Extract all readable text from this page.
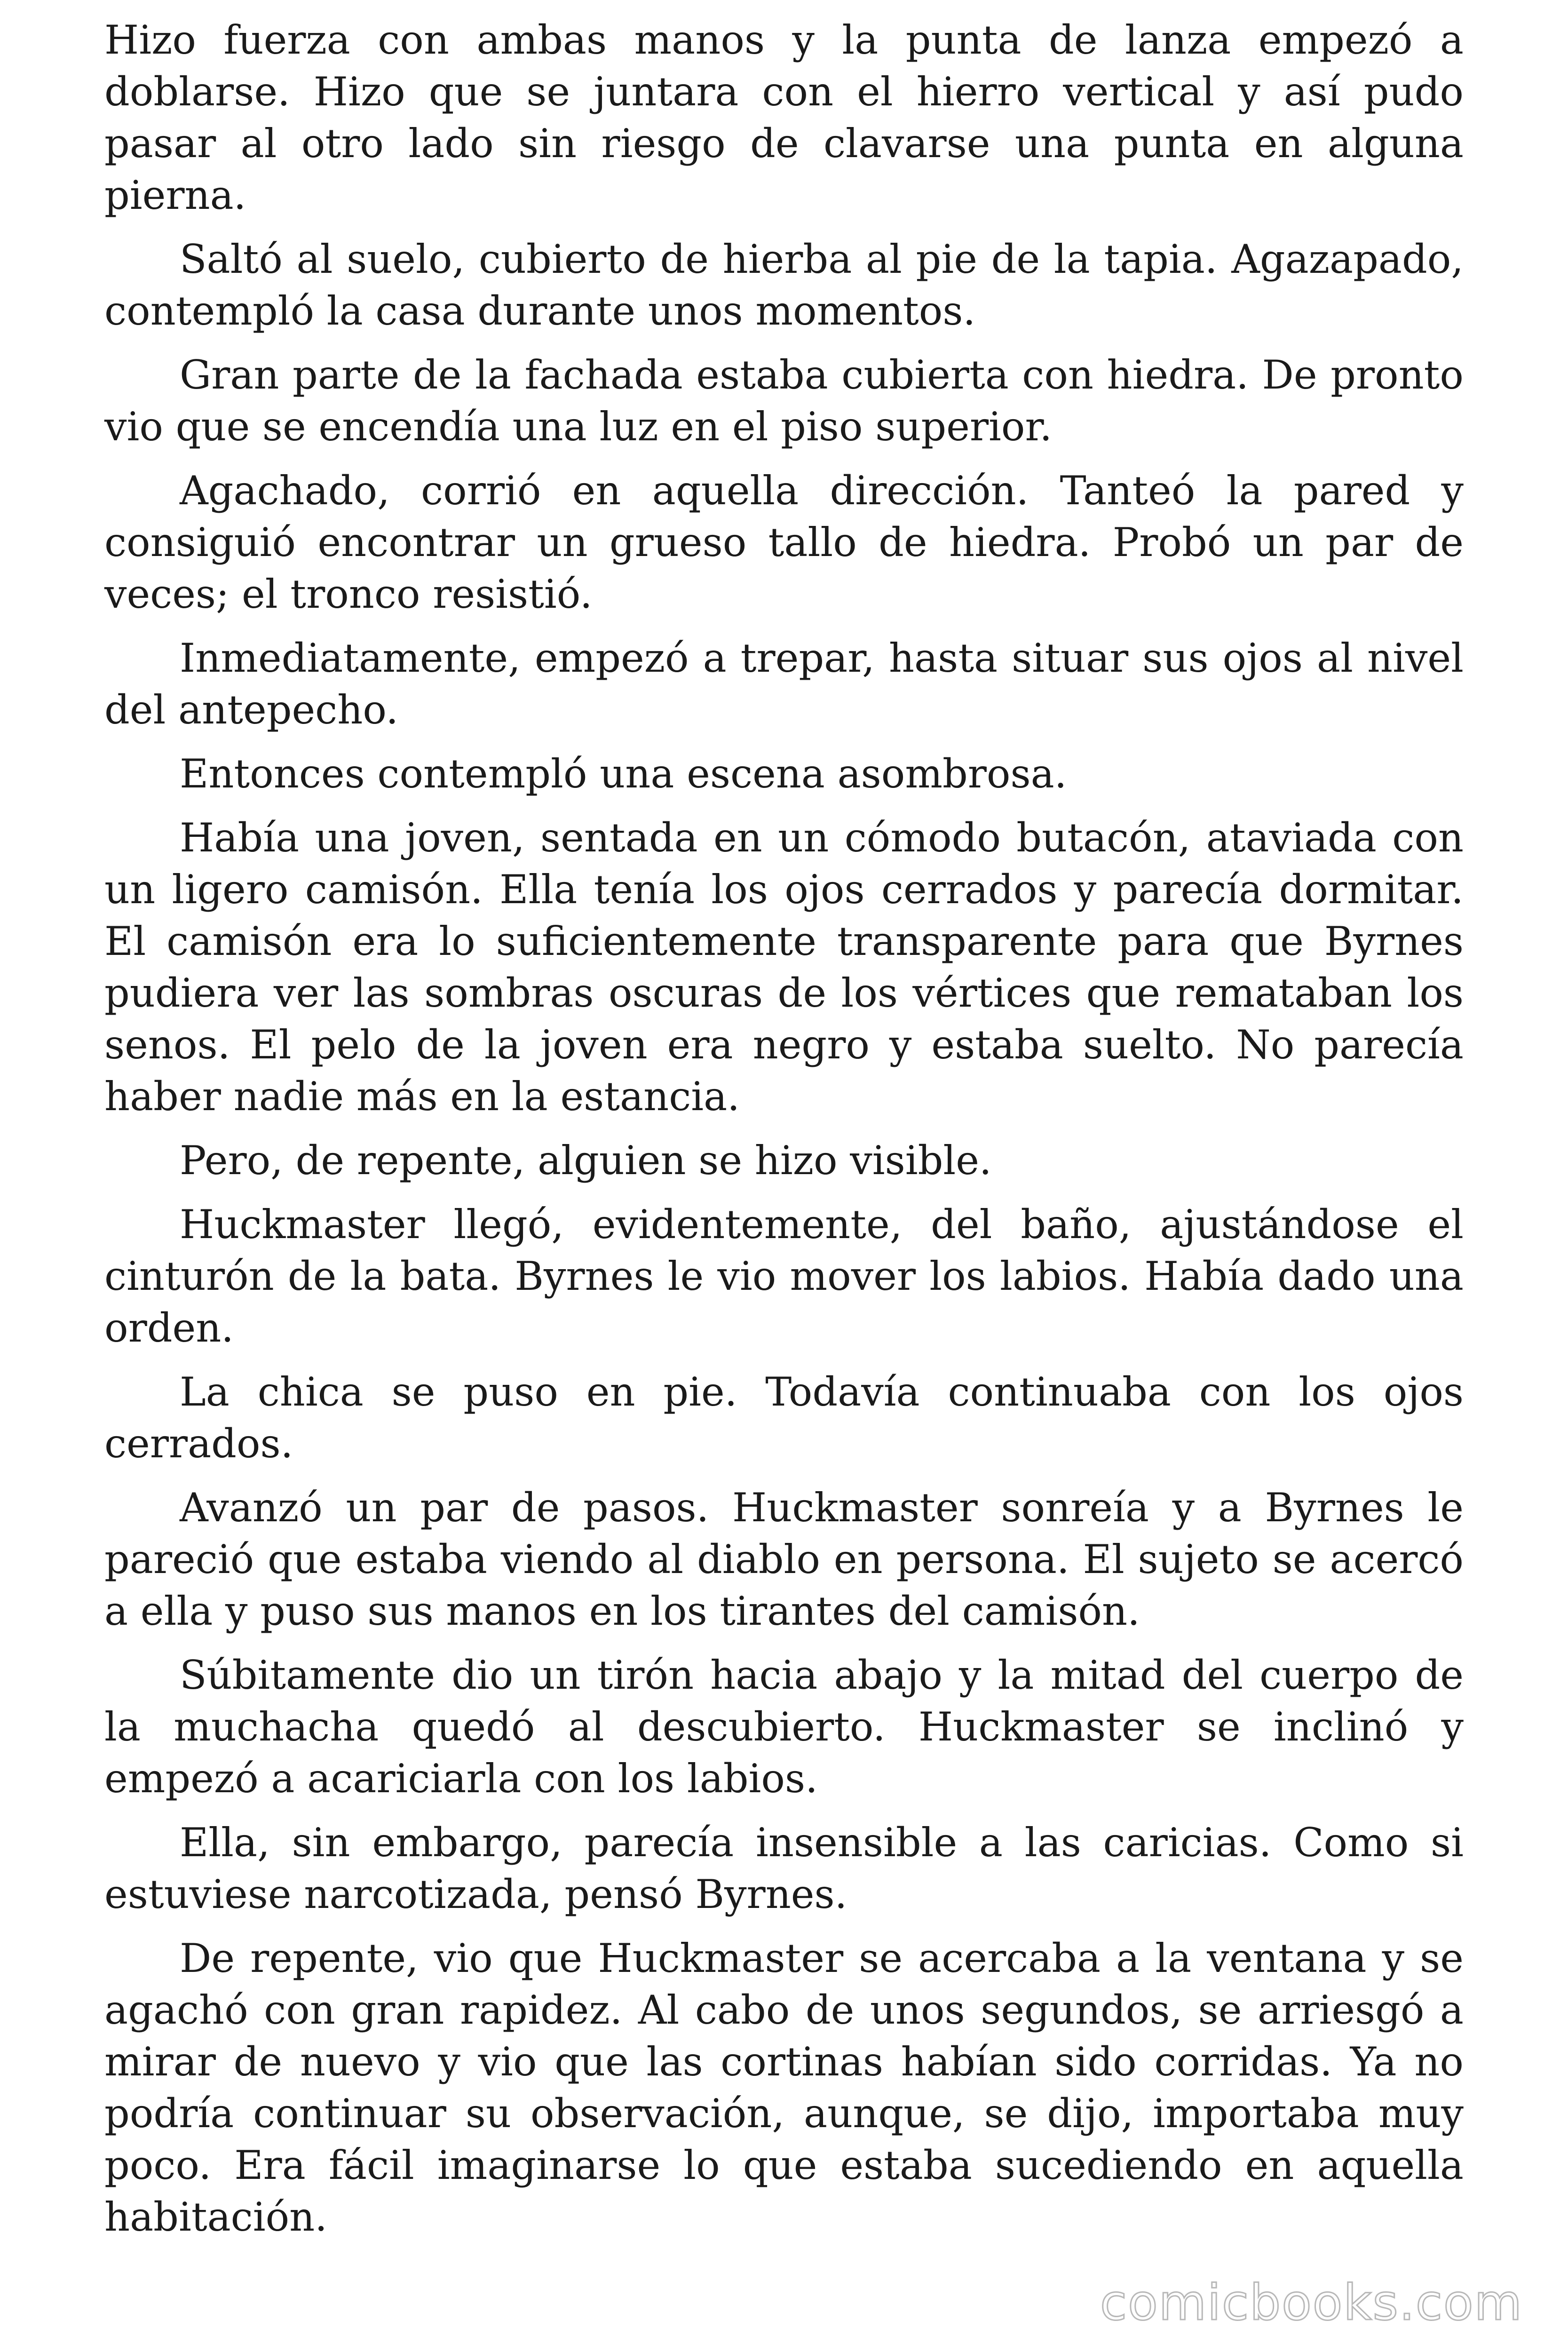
Hizo fuerza con ambas manos y la punta de lanza empezó a doblarse. Hizo que se juntara con el hierro vertical y así pudo pasar al otro lado sin riesgo de clavarse una punta en alguna pierna.

Saltó al suelo, cubierto de hierba al pie de la tapia. Agazapado, contempló la casa durante unos momentos.

Gran parte de la fachada estaba cubierta con hiedra. De pronto vio que se encendía una luz en el piso superior.

Agachado, corrió en aquella dirección. Tanteó la pared y consiguió encontrar un grueso tallo de hiedra. Probó un par de veces; el tronco resistió.

Inmediatamente, empezó a trepar, hasta situar sus ojos al nivel del antepecho.

Entonces contempló una escena asombrosa.

Había una joven, sentada en un cómodo butacón, ataviada con un ligero camisón. Ella tenía los ojos cerrados y parecía dormitar. El camisón era lo suficientemente transparente para que Byrnes pudiera ver las sombras oscuras de los vértices que remataban los senos. El pelo de la joven era negro y estaba suelto. No parecía haber nadie más en la estancia.

Pero, de repente, alguien se hizo visible.

Huckmaster llegó, evidentemente, del baño, ajustándose el cinturón de la bata. Byrnes le vio mover los labios. Había dado una orden.

La chica se puso en pie. Todavía continuaba con los ojos cerrados.

Avanzó un par de pasos. Huckmaster sonreía y a Byrnes le pareció que estaba viendo al diablo en persona. El sujeto se acercó a ella y puso sus manos en los tirantes del camisón.

Súbitamente dio un tirón hacia abajo y la mitad del cuerpo de la muchacha quedó al descubierto. Huckmaster se inclinó y empezó a acariciarla con los labios.

Ella, sin embargo, parecía insensible a las caricias. Como si estuviese narcotizada, pensó Byrnes.

De repente, vio que Huckmaster se acercaba a la ventana y se agachó con gran rapidez. Al cabo de unos segundos, se arriesgó a mirar de nuevo y vio que las cortinas habían sido corridas. Ya no podría continuar su observación, aunque, se dijo, importaba muy poco. Era fácil imaginarse lo que estaba sucediendo en aquella habitación.

comicbooks.com
